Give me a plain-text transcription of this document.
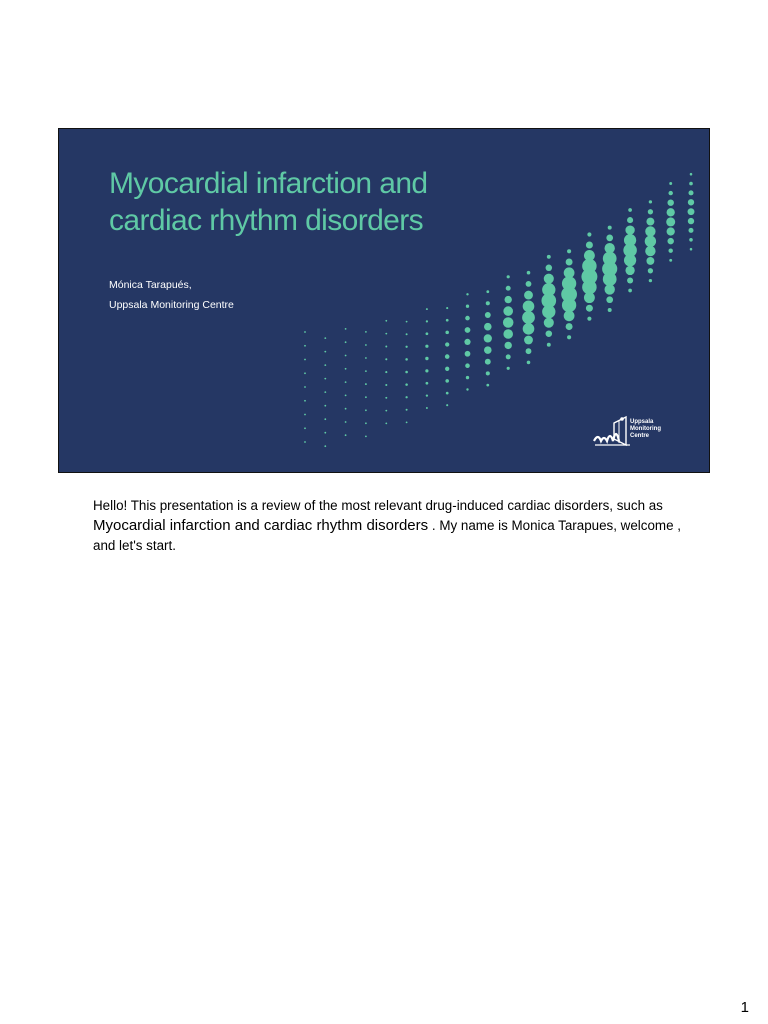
Myocardial infarction and
cardiac rhythm disorders

Mónica Tarapués,

Uppsala Monitoring Centre

Uppsala
Monitoring
Centre

Hello! This presentation is a review of the most relevant drug-induced cardiac disorders, such as Myocardial infarction and cardiac rhythm disorders . My name is Monica Tarapues, welcome , and let's start.

1
